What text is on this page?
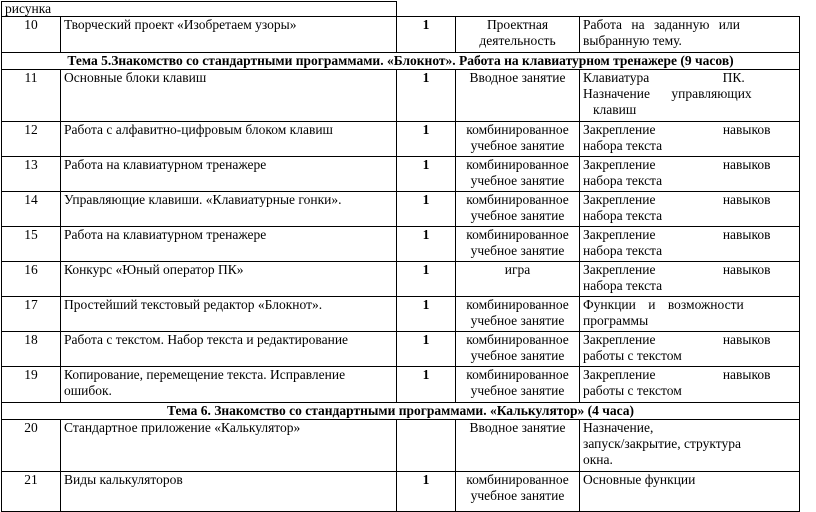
рисунка				
10	Творческий проект «Изобретаем узоры»	1	Проектная
деятельность	Работа на заданную или
выбранную тему.

Тема 5.Знакомство со стандартными программами. «Блокнот». Работа на клавиатурном тренажере (9 часов)				
11	Основные блоки клавиш	1	Вводное занятие	Клавиатура ПК.
Назначение управляющих
клавиш

12	Работа с алфавитно-цифровым блоком клавиш	1	комбинированное
учебное занятие	Закрепление навыков
набора текста

13	Работа на клавиатурном тренажере	1	комбинированное
учебное занятие	Закрепление навыков
набора текста

14	Управляющие клавиши. «Клавиатурные гонки».	1	комбинированное
учебное занятие	Закрепление навыков
набора текста

15	Работа на клавиатурном тренажере	1	комбинированное
учебное занятие	Закрепление навыков
набора текста

16	Конкурс «Юный оператор ПК»	1	игра	Закрепление навыков
набора текста

17	Простейший текстовый редактор «Блокнот».	1	комбинированное
учебное занятие	Функции и возможности
программы

18	Работа с текстом. Набор текста и редактирование	1	комбинированное
учебное занятие	Закрепление навыков
работы с текстом

19	Копирование, перемещение текста. Исправление
ошибок.	1	комбинированное
учебное занятие	Закрепление навыков
работы с текстом

Тема 6. Знакомство со стандартными программами. «Калькулятор» (4 часа)				
20	Стандартное приложение «Калькулятор»		Вводное занятие	Назначение,
запуск/закрытие, структура
окна.

21	Виды калькуляторов	1	комбинированное
учебное занятие	Основные функции
